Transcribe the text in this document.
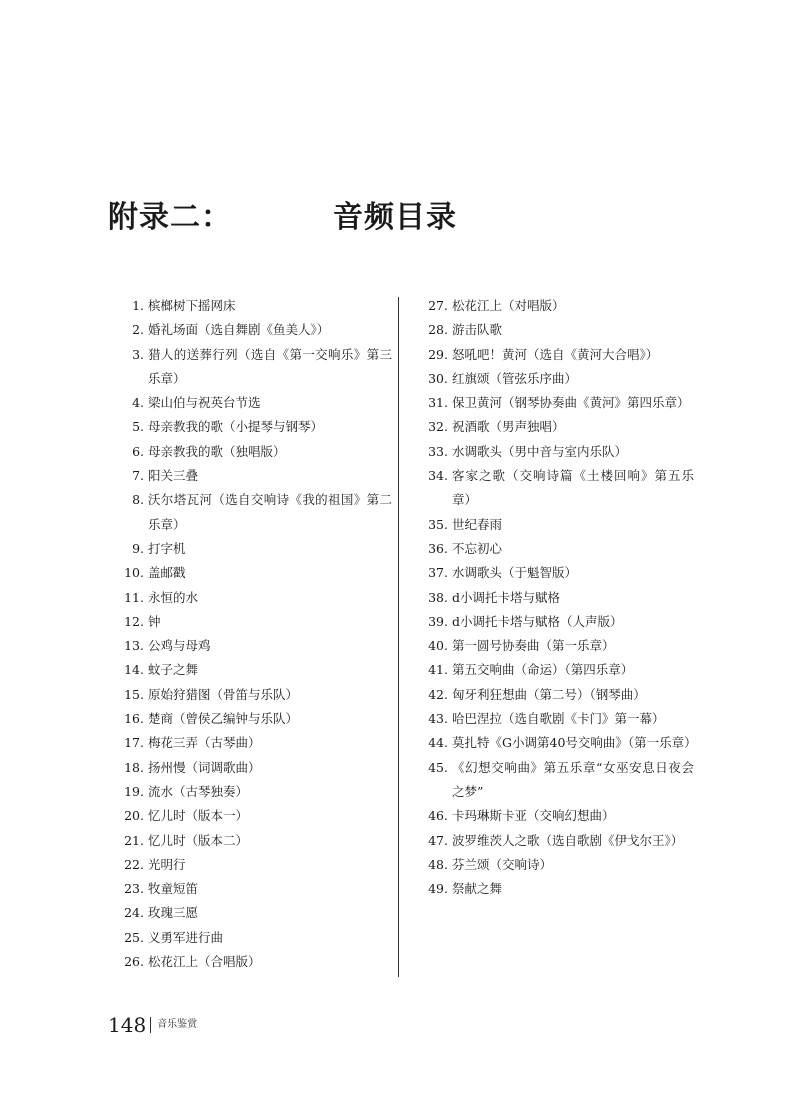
附录二：	音频目录
1. 槟榔树下摇网床
2. 婚礼场面（选自舞剧《鱼美人》）
3. 猎人的送葬行列（选自《第一交响乐》第三乐章）
4. 梁山伯与祝英台节选
5. 母亲教我的歌（小提琴与钢琴）
6. 母亲教我的歌（独唱版）
7. 阳关三叠
8. 沃尔塔瓦河（选自交响诗《我的祖国》第二乐章）
9. 打字机
10. 盖邮戳
11. 永恒的水
12. 钟
13. 公鸡与母鸡
14. 蚊子之舞
15. 原始狩猎图（骨笛与乐队）
16. 楚商（曾侯乙编钟与乐队）
17. 梅花三弄（古琴曲）
18. 扬州慢（词调歌曲）
19. 流水（古琴独奏）
20. 忆儿时（版本一）
21. 忆儿时（版本二）
22. 光明行
23. 牧童短笛
24. 玫瑰三愿
25. 义勇军进行曲
26. 松花江上（合唱版）
27. 松花江上（对唱版）
28. 游击队歌
29. 怒吼吧！黄河（选自《黄河大合唱》）
30. 红旗颂（管弦乐序曲）
31. 保卫黄河（钢琴协奏曲《黄河》第四乐章）
32. 祝酒歌（男声独唱）
33. 水调歌头（男中音与室内乐队）
34. 客家之歌（交响诗篇《土楼回响》第五乐章）
35. 世纪春雨
36. 不忘初心
37. 水调歌头（于魁智版）
38. d小调托卡塔与赋格
39. d小调托卡塔与赋格（人声版）
40. 第一圆号协奏曲（第一乐章）
41. 第五交响曲（命运）（第四乐章）
42. 匈牙利狂想曲（第二号）（钢琴曲）
43. 哈巴涅拉（选自歌剧《卡门》第一幕）
44. 莫扎特《G小调第40号交响曲》（第一乐章）
45. 《幻想交响曲》第五乐章“女巫安息日夜会之梦”
46. 卡玛琳斯卡亚（交响幻想曲）
47. 波罗维茨人之歌（选自歌剧《伊戈尔王》）
48. 芬兰颂（交响诗）
49. 祭献之舞
148 音乐鉴赏
